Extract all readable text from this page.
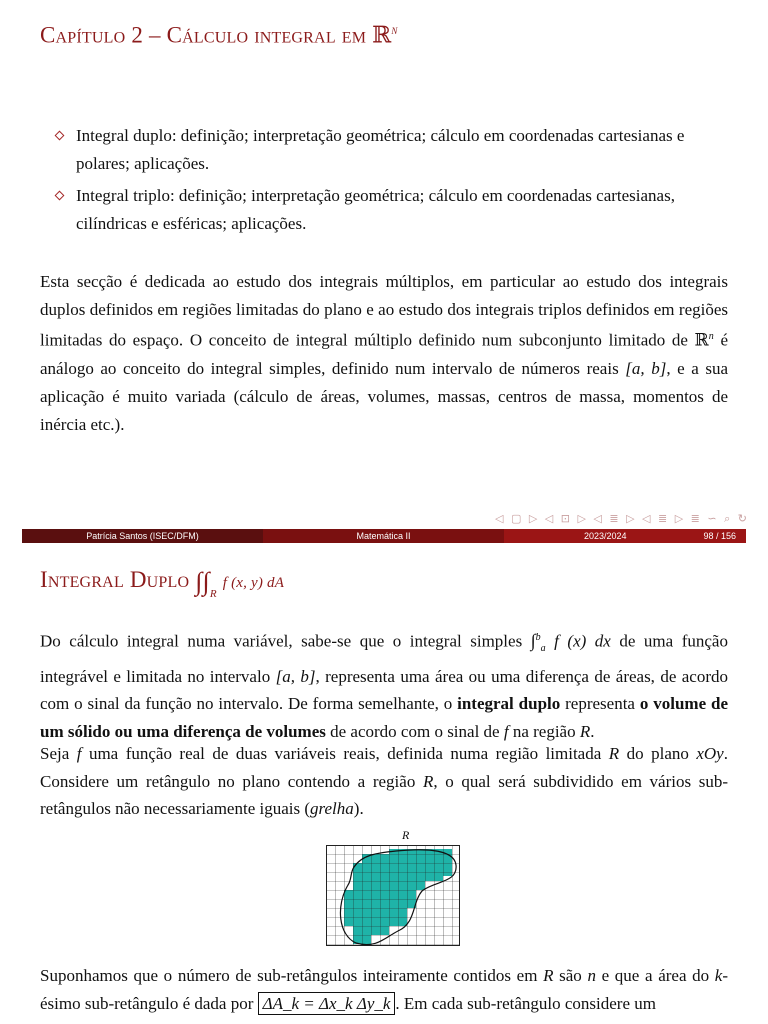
Capítulo 2 – Cálculo integral em ℝ$^n$
Integral duplo: definição; interpretação geométrica; cálculo em coordenadas cartesianas e polares; aplicações.
Integral triplo: definição; interpretação geométrica; cálculo em coordenadas cartesianas, cilíndricas e esféricas; aplicações.
Esta secção é dedicada ao estudo dos integrais múltiplos, em particular ao estudo dos integrais duplos definidos em regiões limitadas do plano e ao estudo dos integrais triplos definidos em regiões limitadas do espaço. O conceito de integral múltiplo definido num subconjunto limitado de ℝ$^n$ é análogo ao conceito do integral simples, definido num intervalo de números reais [a, b], e a sua aplicação é muito variada (cálculo de áreas, volumes, massas, centros de massa, momentos de inércia etc.).
◁ ▢ ▷ ◁ ⊡ ▷ ◁ ≣ ▷ ◁ ≣ ▷ ≣ ∽ ⌕ ↻
Patrícia Santos (ISEC/DFM)	Matemática II	2023/2024	98 / 156
Integral Duplo $\int\int_R$ f (x, y) dA
Do cálculo integral numa variável, sabe-se que o integral simples ∫$^b_a$ f (x) dx de uma função integrável e limitada no intervalo [a, b], representa uma área ou uma diferença de áreas, de acordo com o sinal da função no intervalo. De forma semelhante, o integral duplo representa o volume de um sólido ou uma diferença de volumes de acordo com o sinal de f na região R.
Seja f uma função real de duas variáveis reais, definida numa região limitada R do plano xOy. Considere um retângulo no plano contendo a região R, o qual será subdividido em vários sub-retângulos não necessariamente iguais (grelha).
R
Suponhamos que o número de sub-retângulos inteiramente contidos em R são n e que a área do k-ésimo sub-retângulo é dada por ΔA_k = Δx_k Δy_k . Em cada sub-retângulo considere um
